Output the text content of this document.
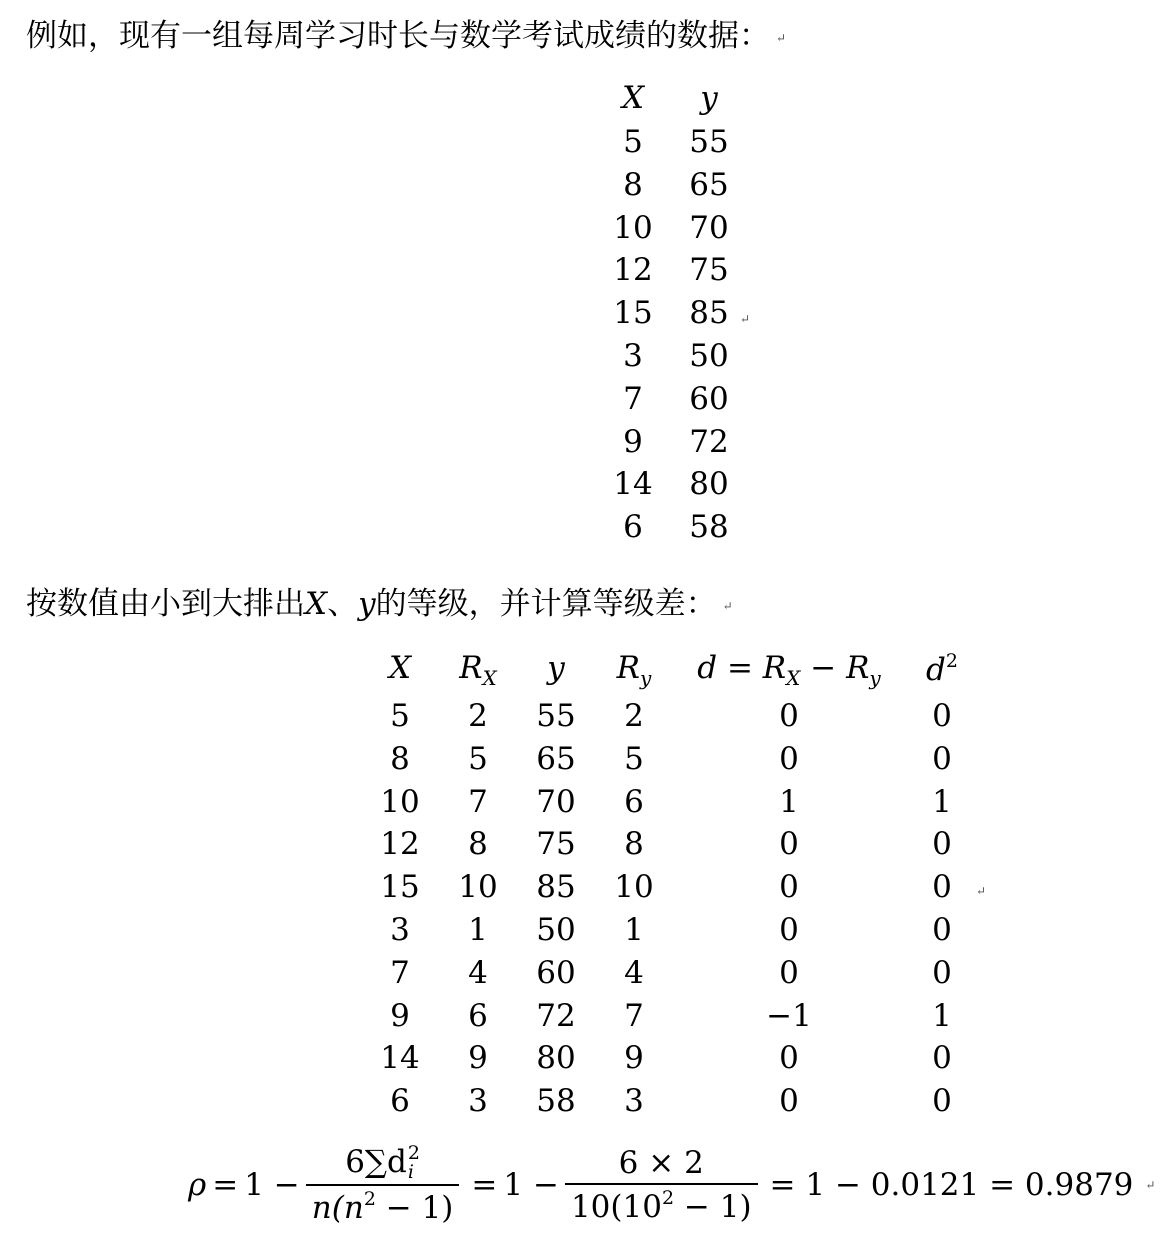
例如，现有一组每周学习时长与数学考试成绩的数据： ↵
X	y
↵
5	55
8	65
10 70
12 75
15 85
3	50
7	60
9	72
14 80
6	58
按数值由小到大排出X、y的等级，并计算等级差： ↵
X	$R_X$	y	$R_y$	$d = R_X - R_y$	$d^2$
↵
5	2	55	2	0	0
8	5	65	5	0	0
10	7	70	6	1	1
12	8	75	8	0	0
15	10	85	10	0	0
3	1	50	1	0	0
7	4	60	4	0	0
9	6	72	7	−1	1
14	9	80	9	0	0
6	3	58	3	0	0
ρ = 1 − 6∑d 2
i
$n(n^2 - 1) = 1 - \frac{6 \times 2}{10(10^2 - 1)} = 1 - 0.0121 = 0.9879$ ↵
